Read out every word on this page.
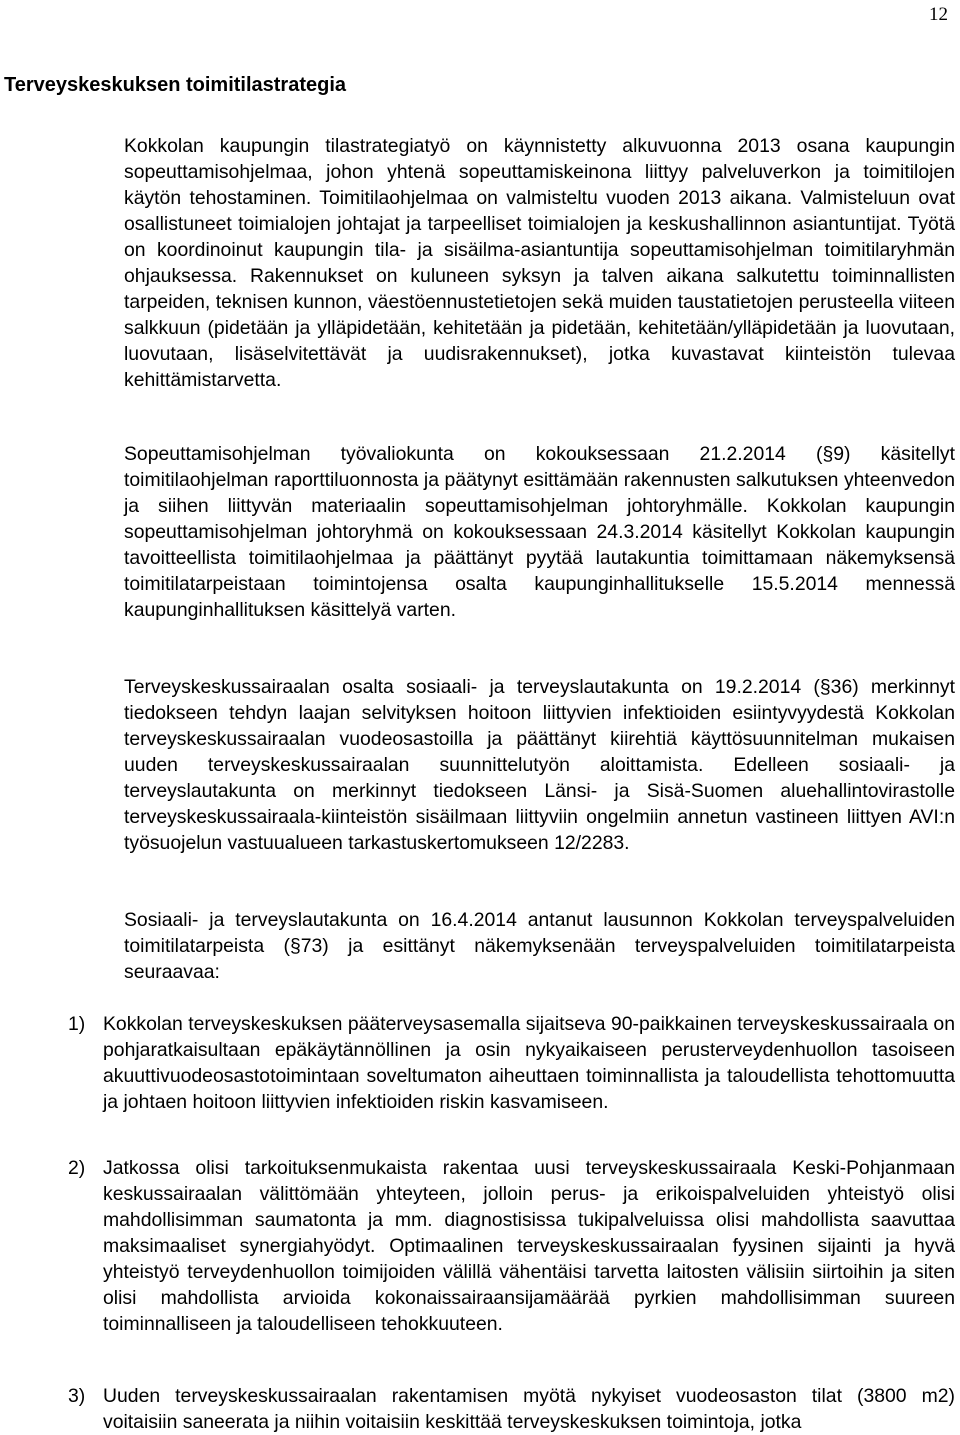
12
Terveyskeskuksen toimitilastrategia

Kokkolan kaupungin tilastrategiatyö on käynnistetty alkuvuonna 2013 osana kaupungin sopeuttamisohjelmaa, johon yhtenä sopeuttamiskeinona liittyy palveluverkon ja toimitilojen käytön tehostaminen. Toimitilaohjelmaa on valmisteltu vuoden 2013 aikana. Valmisteluun ovat osallistuneet toimialojen johtajat ja tarpeelliset toimialojen ja keskushallinnon asiantuntijat. Työtä on koordinoinut kaupungin tila- ja sisäilma-asiantuntija sopeuttamisohjelman toimitilaryhmän ohjauksessa. Rakennukset on kuluneen syksyn ja talven aikana salkutettu toiminnallisten tarpeiden, teknisen kunnon, väestöennustetietojen sekä muiden taustatietojen perusteella viiteen salkkuun (pidetään ja ylläpidetään, kehitetään ja pidetään, kehitetään/ylläpidetään ja luovutaan, luovutaan, lisäselvitettävät ja uudisrakennukset), jotka kuvastavat kiinteistön tulevaa kehittämistarvetta.

Sopeuttamisohjelman työvaliokunta on kokouksessaan 21.2.2014 (§9) käsitellyt toimitilaohjelman raporttiluonnosta ja päätynyt esittämään rakennusten salkutuksen yhteenvedon ja siihen liittyvän materiaalin sopeuttamisohjelman johtoryhmälle. Kokkolan kaupungin sopeuttamisohjelman johtoryhmä on kokouksessaan 24.3.2014 käsitellyt Kokkolan kaupungin tavoitteellista toimitilaohjelmaa ja päättänyt pyytää lautakuntia toimittamaan näkemyksensä toimitilatarpeistaan toimintojensa osalta kaupunginhallitukselle 15.5.2014 mennessä kaupunginhallituksen käsittelyä varten.

Terveyskeskussairaalan osalta sosiaali- ja terveyslautakunta on 19.2.2014 (§36) merkinnyt tiedokseen tehdyn laajan selvityksen hoitoon liittyvien infektioiden esiintyvyydestä Kokkolan terveyskeskussairaalan vuodeosastoilla ja päättänyt kiirehtiä käyttösuunnitelman mukaisen uuden terveyskeskussairaalan suunnittelutyön aloittamista. Edelleen sosiaali- ja terveyslautakunta on merkinnyt tiedokseen Länsi- ja Sisä-Suomen aluehallintovirastolle terveyskeskussairaala-kiinteistön sisäilmaan liittyviin ongelmiin annetun vastineen liittyen AVI:n työsuojelun vastuualueen tarkastuskertomukseen 12/2283.

Sosiaali- ja terveyslautakunta on 16.4.2014 antanut lausunnon Kokkolan terveyspalveluiden toimitilatarpeista (§73) ja esittänyt näkemyksenään terveyspalveluiden toimitilatarpeista seuraavaa:

1) Kokkolan terveyskeskuksen pääterveysasemalla sijaitseva 90-paikkainen terveyskeskussairaala on pohjaratkaisultaan epäkäytännöllinen ja osin nykyaikaiseen perusterveydenhuollon tasoiseen akuuttivuodeosastotoimintaan soveltumaton aiheuttaen toiminnallista ja taloudellista tehottomuutta ja johtaen hoitoon liittyvien infektioiden riskin kasvamiseen.
2) Jatkossa olisi tarkoituksenmukaista rakentaa uusi terveyskeskussairaala Keski-Pohjanmaan keskussairaalan välittömään yhteyteen, jolloin perus- ja erikoispalveluiden yhteistyö olisi mahdollisimman saumatonta ja mm. diagnostisissa tukipalveluissa olisi mahdollista saavuttaa maksimaaliset synergiahyödyt. Optimaalinen terveyskeskussairaalan fyysinen sijainti ja hyvä yhteistyö terveydenhuollon toimijoiden välillä vähentäisi tarvetta laitosten välisiin siirtoihin ja siten olisi mahdollista arvioida kokonaissairaansijamäärää pyrkien mahdollisimman suureen toiminnalliseen ja taloudelliseen tehokkuuteen.
3) Uuden terveyskeskussairaalan rakentamisen myötä nykyiset vuodeosaston tilat (3800 m2) voitaisiin saneerata ja niihin voitaisiin keskittää terveyskeskuksen toimintoja, jotka
